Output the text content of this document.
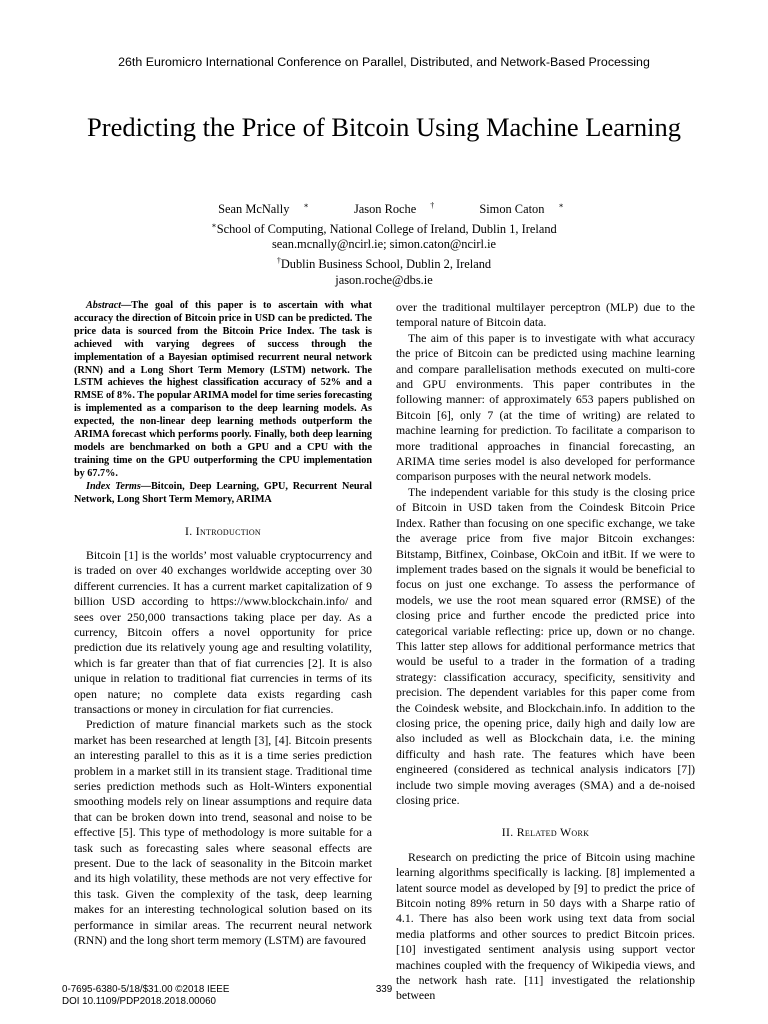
26th Euromicro International Conference on Parallel, Distributed, and Network-Based Processing
Predicting the Price of Bitcoin Using Machine Learning
Sean McNally ∗	Jason Roche †	Simon Caton ∗
∗School of Computing, National College of Ireland, Dublin 1, Ireland
sean.mcnally@ncirl.ie; simon.caton@ncirl.ie
†Dublin Business School, Dublin 2, Ireland
jason.roche@dbs.ie

Abstract—The goal of this paper is to ascertain with what accuracy the direction of Bitcoin price in USD can be predicted. The price data is sourced from the Bitcoin Price Index. The task is achieved with varying degrees of success through the implementation of a Bayesian optimised recurrent neural network (RNN) and a Long Short Term Memory (LSTM) network. The LSTM achieves the highest classification accuracy of 52% and a RMSE of 8%. The popular ARIMA model for time series forecasting is implemented as a comparison to the deep learning models. As expected, the non-linear deep learning methods outperform the ARIMA forecast which performs poorly. Finally, both deep learning models are benchmarked on both a GPU and a CPU with the training time on the GPU outperforming the CPU implementation by 67.7%.

Index Terms—Bitcoin, Deep Learning, GPU, Recurrent Neural Network, Long Short Term Memory, ARIMA

I. Introduction

Bitcoin [1] is the worlds’ most valuable cryptocurrency and is traded on over 40 exchanges worldwide accepting over 30 different currencies. It has a current market capitalization of 9 billion USD according to https://www.blockchain.info/ and sees over 250,000 transactions taking place per day. As a currency, Bitcoin offers a novel opportunity for price prediction due its relatively young age and resulting volatility, which is far greater than that of fiat currencies [2]. It is also unique in relation to traditional fiat currencies in terms of its open nature; no complete data exists regarding cash transactions or money in circulation for fiat currencies.

Prediction of mature financial markets such as the stock market has been researched at length [3], [4]. Bitcoin presents an interesting parallel to this as it is a time series prediction problem in a market still in its transient stage. Traditional time series prediction methods such as Holt-Winters exponential smoothing models rely on linear assumptions and require data that can be broken down into trend, seasonal and noise to be effective [5]. This type of methodology is more suitable for a task such as forecasting sales where seasonal effects are present. Due to the lack of seasonality in the Bitcoin market and its high volatility, these methods are not very effective for this task. Given the complexity of the task, deep learning makes for an interesting technological solution based on its performance in similar areas. The recurrent neural network (RNN) and the long short term memory (LSTM) are favoured

over the traditional multilayer perceptron (MLP) due to the temporal nature of Bitcoin data.

The aim of this paper is to investigate with what accuracy the price of Bitcoin can be predicted using machine learning and compare parallelisation methods executed on multi-core and GPU environments. This paper contributes in the following manner: of approximately 653 papers published on Bitcoin [6], only 7 (at the time of writing) are related to machine learning for prediction. To facilitate a comparison to more traditional approaches in financial forecasting, an ARIMA time series model is also developed for performance comparison purposes with the neural network models.

The independent variable for this study is the closing price of Bitcoin in USD taken from the Coindesk Bitcoin Price Index. Rather than focusing on one specific exchange, we take the average price from five major Bitcoin exchanges: Bitstamp, Bitfinex, Coinbase, OkCoin and itBit. If we were to implement trades based on the signals it would be beneficial to focus on just one exchange. To assess the performance of models, we use the root mean squared error (RMSE) of the closing price and further encode the predicted price into categorical variable reflecting: price up, down or no change. This latter step allows for additional performance metrics that would be useful to a trader in the formation of a trading strategy: classification accuracy, specificity, sensitivity and precision. The dependent variables for this paper come from the Coindesk website, and Blockchain.info. In addition to the closing price, the opening price, daily high and daily low are also included as well as Blockchain data, i.e. the mining difficulty and hash rate. The features which have been engineered (considered as technical analysis indicators [7]) include two simple moving averages (SMA) and a de-noised closing price.

II. Related Work

Research on predicting the price of Bitcoin using machine learning algorithms specifically is lacking. [8] implemented a latent source model as developed by [9] to predict the price of Bitcoin noting 89% return in 50 days with a Sharpe ratio of 4.1. There has also been work using text data from social media platforms and other sources to predict Bitcoin prices. [10] investigated sentiment analysis using support vector machines coupled with the frequency of Wikipedia views, and the network hash rate. [11] investigated the relationship between

0-7695-6380-5/18/$31.00 ©2018 IEEE
DOI 10.1109/PDP2018.2018.00060
339
